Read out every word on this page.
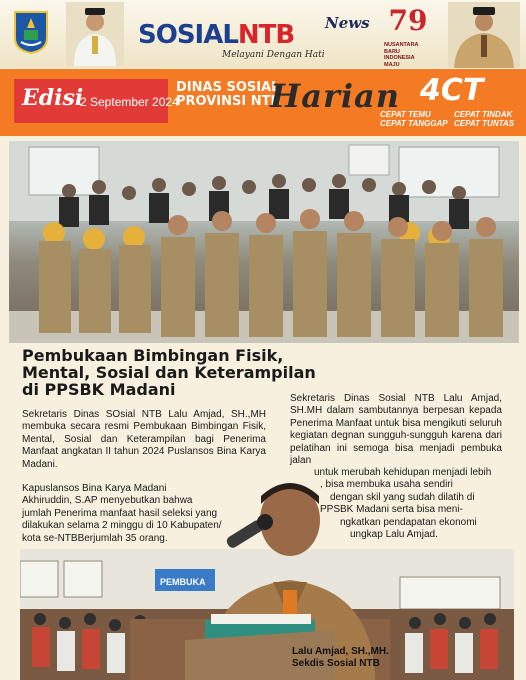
SOSIALNTB News
Melayani Dengan Hati
79
NUSANTARA
BARU
INDONESIA
MAJU
Edisi
2 September 2024
DINAS SOSIAL
PROVINSI NTB
Harian 4CT
CEPAT TEMU
CEPAT TANGGAP
CEPAT TINDAK
CEPAT TUNTAS
Pembukaan Bimbingan Fisik,
Mental, Sosial dan Keterampilan
di PPSBK Madani
Sekretaris Dinas SOsial NTB Lalu Amjad, SH.,MH membuka secara resmi Pembukaan Bimbingan Fisik, Mental, Sosial dan Keterampilan bagi Penerima Manfaat angkatan II tahun 2024 Puslansos Bina Karya Madani.
Kapuslansos Bina Karya Madani
Akhiruddin, S.AP menyebutkan bahwa
jumlah Penerima manfaat hasil seleksi yang
dilakukan selama 2 minggu di 10 Kabupaten/
kota se-NTBBerjumlah 35 orang.
Sekretaris Dinas Sosial NTB Lalu Amjad, SH.MH dalam sambutannya berpesan kepada Penerima Manfaat untuk bisa mengikuti seluruh kegiatan degnan sungguh-sungguh karena dari pelatihan ini semoga bisa menjadi pembuka jalan
untuk merubah kehidupan menjadi lebih
, bisa membuka usaha sendiri
dengan skil yang sudah dilatih di
PPSBK Madani serta bisa meni-
ngkatkan pendapatan ekonomi
ungkap Lalu Amjad.
PEMBUKA
Lalu Amjad, SH.,MH.
Sekdis Sosial NTB
